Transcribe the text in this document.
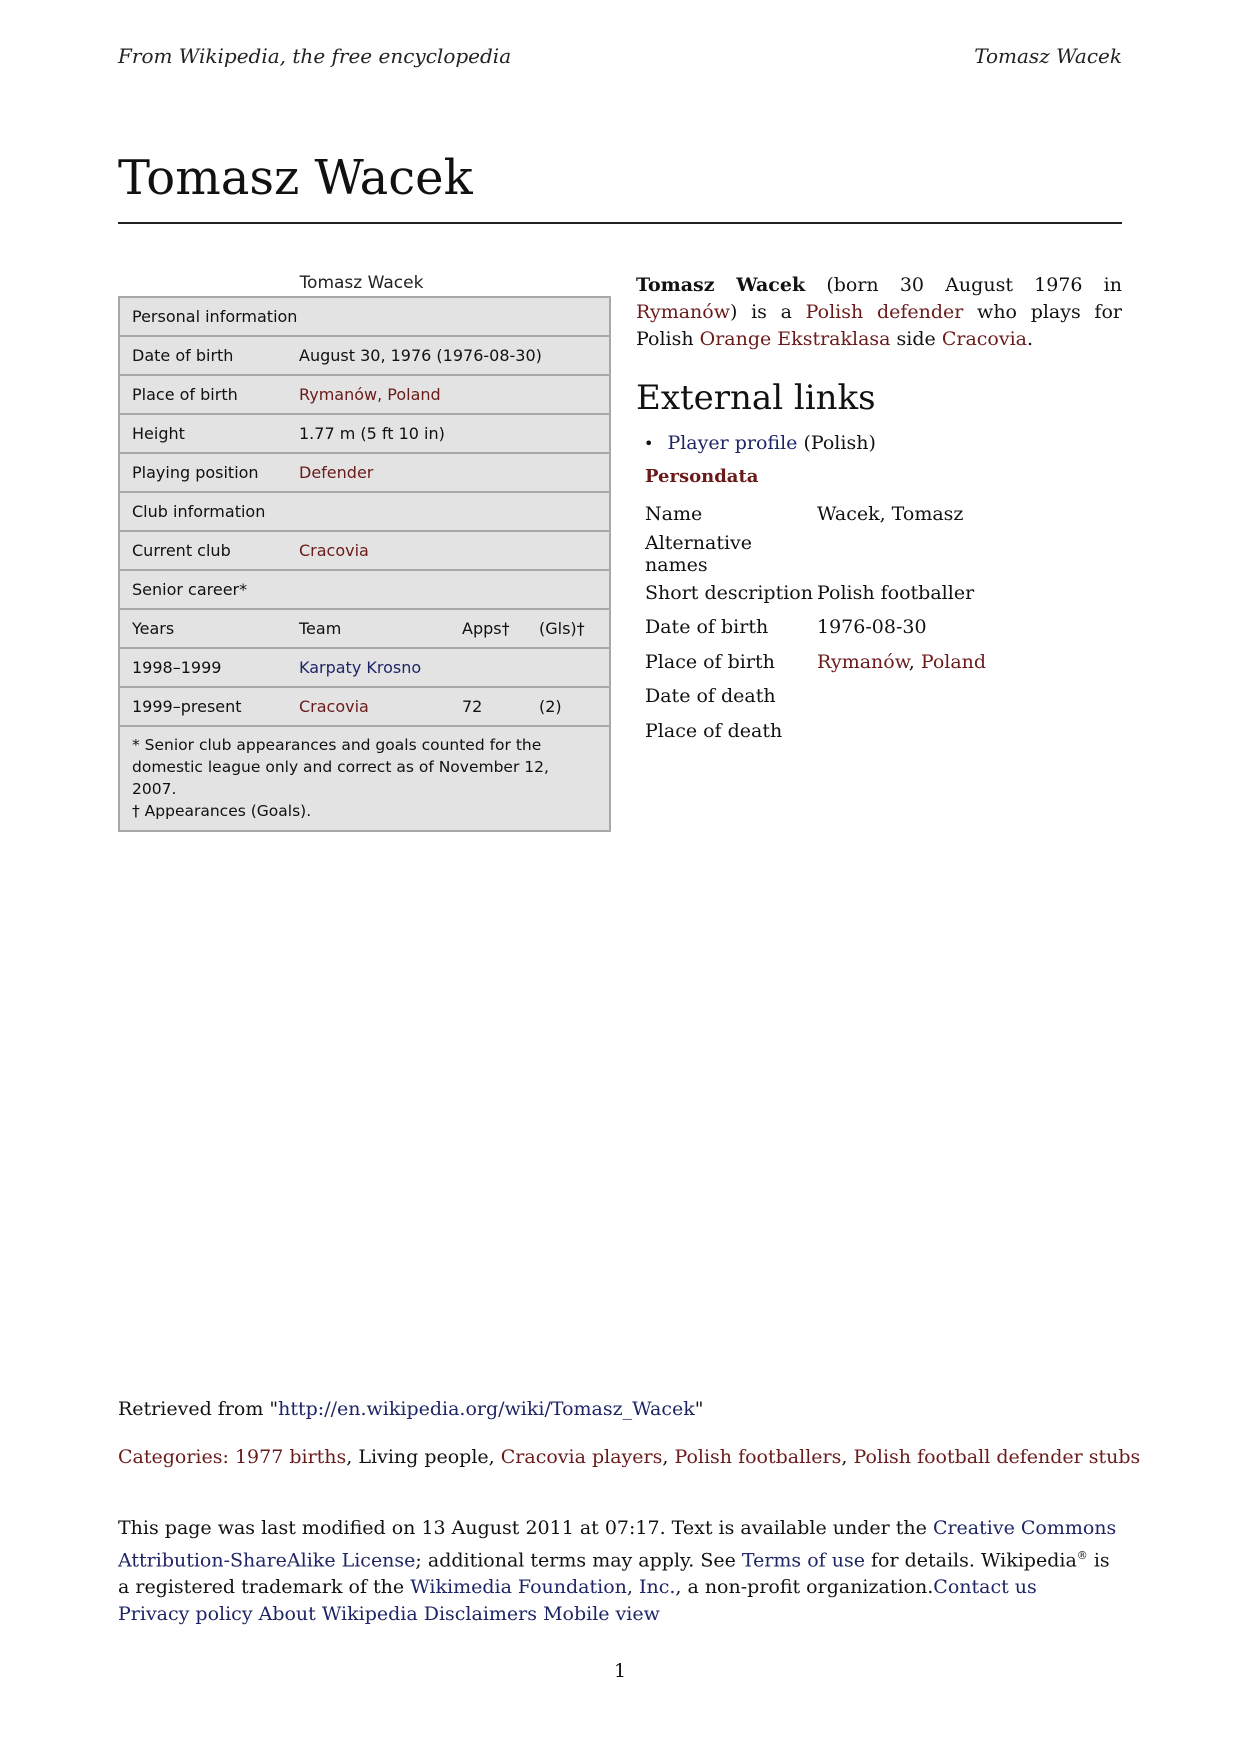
From Wikipedia, the free encyclopedia	Tomasz Wacek
Tomasz Wacek
Tomasz Wacek
Personal information	
Date of birth	August 30, 1976 (1976-08-30)
Place of birth	Rymanów, Poland
Height	1.77 m (5 ft 10 in)
Playing position	Defender
Club information	
Current club	Cracovia
Senior career*	

Years Team Apps† (Gls)†	

1998–1999 Karpaty Krosno	

1999–present Cracovia 72 (2)	

* Senior club appearances and goals counted for the domestic league only and correct as of November 12, 2007.
† Appearances (Goals).	

Tomasz Wacek (born 30 August 1976 in Rymanów) is a Polish defender who plays for Polish Orange Ekstraklasa side Cracovia.

External links
• Player profile (Polish)
Persondata
Name	Wacek, Tomasz
Alternative names	
Short description	Polish footballer
Date of birth	1976-08-30
Place of birth	Rymanów, Poland
Date of death	
Place of death	
Retrieved from "http://en.wikipedia.org/wiki/Tomasz_Wacek"
Categories: 1977 births, Living people, Cracovia players, Polish footballers, Polish football defender stubs
This page was last modified on 13 August 2011 at 07:17. Text is available under the Creative Commons Attribution-ShareAlike License; additional terms may apply. See Terms of use for details. Wikipedia® is a registered trademark of the Wikimedia Foundation, Inc., a non-profit organization.Contact us
Privacy policy About Wikipedia Disclaimers Mobile view
1
